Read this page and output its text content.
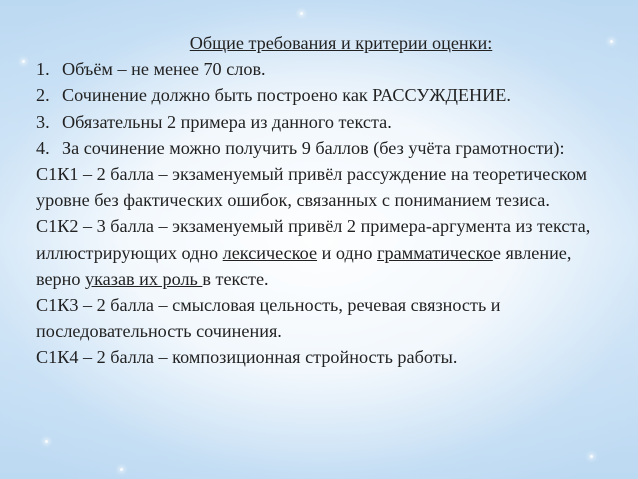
Общие требования и критерии оценки:
1. Объём – не менее 70 слов.
2. Сочинение должно быть построено как РАССУЖДЕНИЕ.
3. Обязательны 2 примера из данного текста.
4. За сочинение можно получить 9 баллов (без учёта грамотности):
С1К1 – 2 балла – экзаменуемый привёл рассуждение на теоретическом уровне без фактических ошибок, связанных с пониманием тезиса.
С1К2 – 3 балла – экзаменуемый привёл 2 примера-аргумента из текста, иллюстрирующих одно лексическое и одно грамматическое явление, верно указав их роль в тексте.
С1К3 – 2 балла – смысловая цельность, речевая связность и последовательность сочинения.
С1К4 – 2 балла – композиционная стройность работы.
